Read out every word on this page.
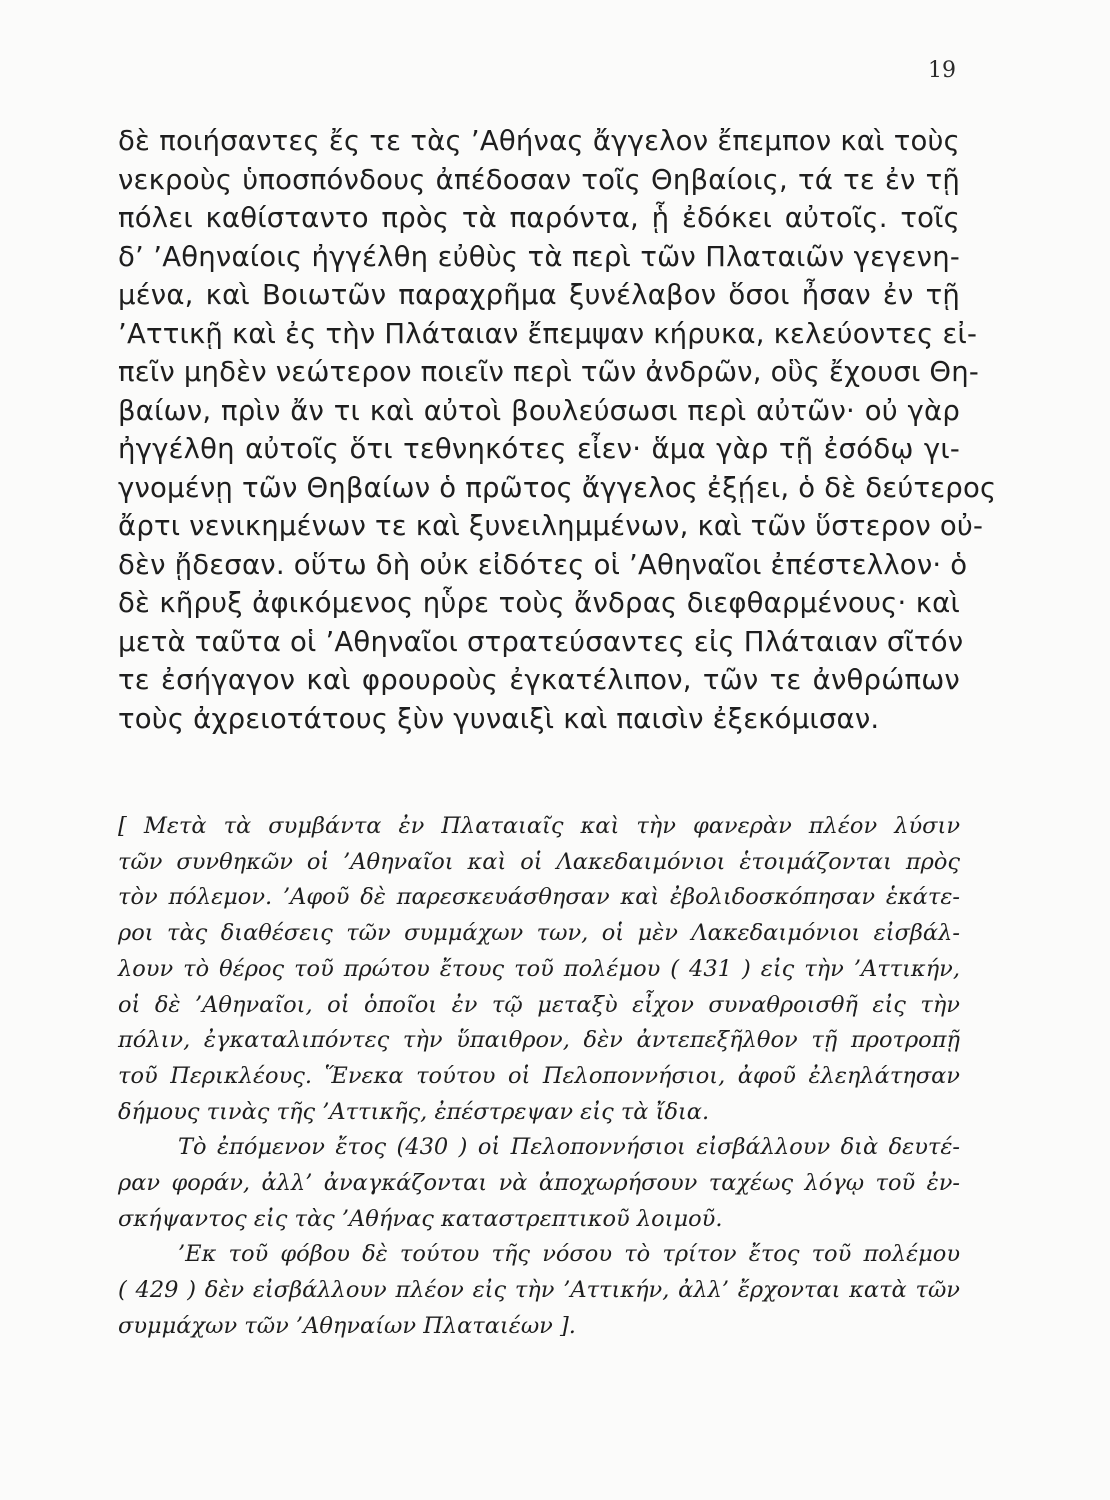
19
δὲ ποιήσαντες ἔς τε τὰς ’Αθήνας ἄγγελον ἔπεμπον καὶ τοὺς
νεκροὺς ὑποσπόνδους ἀπέδοσαν τοῖς Θηβαίοις, τά τε ἐν τῇ
πόλει καθίσταντο πρὸς τὰ παρόντα, ᾗ ἐδόκει αὐτοῖς. τοῖς
δ’ ’Αθηναίοις ἠγγέλθη εὐθὺς τὰ περὶ τῶν Πλαταιῶν γεγενη-
μένα, καὶ Βοιωτῶν παραχρῆμα ξυνέλαβον ὅσοι ἦσαν ἐν τῇ
’Αττικῇ καὶ ἐς τὴν Πλάταιαν ἔπεμψαν κήρυκα, κελεύοντες εἰ-
πεῖν μηδὲν νεώτερον ποιεῖν περὶ τῶν ἀνδρῶν, οὓς ἔχουσι Θη-
βαίων, πρὶν ἄν τι καὶ αὐτοὶ βουλεύσωσι περὶ αὐτῶν· οὐ γὰρ
ἠγγέλθη αὐτοῖς ὅτι τεθνηκότες εἶεν· ἅμα γὰρ τῇ ἐσόδῳ γι-
γνομένῃ τῶν Θηβαίων ὁ πρῶτος ἄγγελος ἐξῄει, ὁ δὲ δεύτερος
ἄρτι νενικημένων τε καὶ ξυνειλημμένων, καὶ τῶν ὕστερον οὐ-
δὲν ᾔδεσαν. οὕτω δὴ οὐκ εἰδότες οἱ ’Αθηναῖοι ἐπέστελλον· ὁ
δὲ κῆρυξ ἀφικόμενος ηὗρε τοὺς ἄνδρας διεφθαρμένους· καὶ
μετὰ ταῦτα οἱ ’Αθηναῖοι στρατεύσαντες εἰς Πλάταιαν σῖτόν
τε ἐσήγαγον καὶ φρουροὺς ἐγκατέλιπον, τῶν τε ἀνθρώπων
τοὺς ἀχρειοτάτους ξὺν γυναιξὶ καὶ παισὶν ἐξεκόμισαν.
[ Μετὰ τὰ συμβάντα ἐν Πλαταιαῖς καὶ τὴν φανερὰν πλέον λύσιν
τῶν συνθηκῶν οἱ ’Αθηναῖοι καὶ οἱ Λακεδαιμόνιοι ἑτοιμάζονται πρὸς
τὸν πόλεμον. ’Αφοῦ δὲ παρεσκευάσθησαν καὶ ἐβολιδοσκόπησαν ἑκάτε-
ροι τὰς διαθέσεις τῶν συμμάχων των, οἱ μὲν Λακεδαιμόνιοι εἰσβάλ-
λουν τὸ θέρος τοῦ πρώτου ἔτους τοῦ πολέμου ( 431 ) εἰς τὴν ’Αττικήν,
οἱ δὲ ’Αθηναῖοι, οἱ ὁποῖοι ἐν τῷ μεταξὺ εἶχον συναθροισθῆ εἰς τὴν
πόλιν, ἐγκαταλιπόντες τὴν ὕπαιθρον, δὲν ἀντεπεξῆλθον τῇ προτροπῇ
τοῦ Περικλέους. Ἕνεκα τούτου οἱ Πελοποννήσιοι, ἀφοῦ ἐλεηλάτησαν
δήμους τινὰς τῆς ’Αττικῆς, ἐπέστρεψαν εἰς τὰ ἴδια.
Τὸ ἐπόμενον ἔτος (430 ) οἱ Πελοποννήσιοι εἰσβάλλουν διὰ δευτέ-
ραν φοράν, ἀλλ’ ἀναγκάζονται νὰ ἀποχωρήσουν ταχέως λόγῳ τοῦ ἐν-
σκήψαντος εἰς τὰς ’Αθήνας καταστρεπτικοῦ λοιμοῦ.
’Εκ τοῦ φόβου δὲ τούτου τῆς νόσου τὸ τρίτον ἔτος τοῦ πολέμου
( 429 ) δὲν εἰσβάλλουν πλέον εἰς τὴν ’Αττικήν, ἀλλ’ ἔρχονται κατὰ τῶν
συμμάχων τῶν ’Αθηναίων Πλαταιέων ].
